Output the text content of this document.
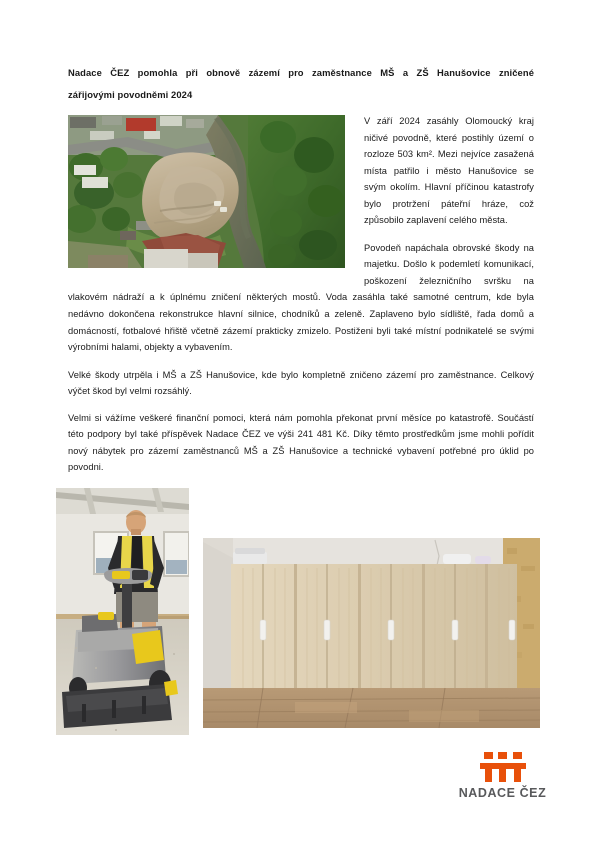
Nadace ČEZ pomohla při obnově zázemí pro zaměstnance MŠ a ZŠ Hanušovice zničené
zářijovými povodněmi 2024

V září 2024 zasáhly Olomoucký kraj ničivé povodně, které postihly území o rozloze 503 km². Mezi nejvíce zasažená místa patřilo i město Hanušovice se svým okolím. Hlavní příčinou katastrofy bylo protržení páteřní hráze, což způsobilo zaplavení celého města.

Povodeň napáchala obrovské škody na majetku. Došlo k podemletí komunikací, poškození železničního svršku na vlakovém nádraží a k úplnému zničení některých mostů. Voda zasáhla také samotné centrum, kde byla nedávno dokončena rekonstrukce hlavní silnice, chodníků a zeleně. Zaplaveno bylo sídliště, řada domů a domácností, fotbalové hřiště včetně zázemí prakticky zmizelo. Postiženi byli také místní podnikatelé se svými výrobními halami, objekty a vybavením.

Velké škody utrpěla i MŠ a ZŠ Hanušovice, kde bylo kompletně zničeno zázemí pro zaměstnance. Celkový výčet škod byl velmi rozsáhlý.

Velmi si vážíme veškeré finanční pomoci, která nám pomohla překonat první měsíce po katastrofě. Součástí této podpory byl také příspěvek Nadace ČEZ ve výši 241 481 Kč. Díky těmto prostředkům jsme mohli pořídit nový nábytek pro zázemí zaměstnanců MŠ a ZŠ Hanušovice a technické vybavení potřebné pro úklid po povodni.

NADACE ČEZ
